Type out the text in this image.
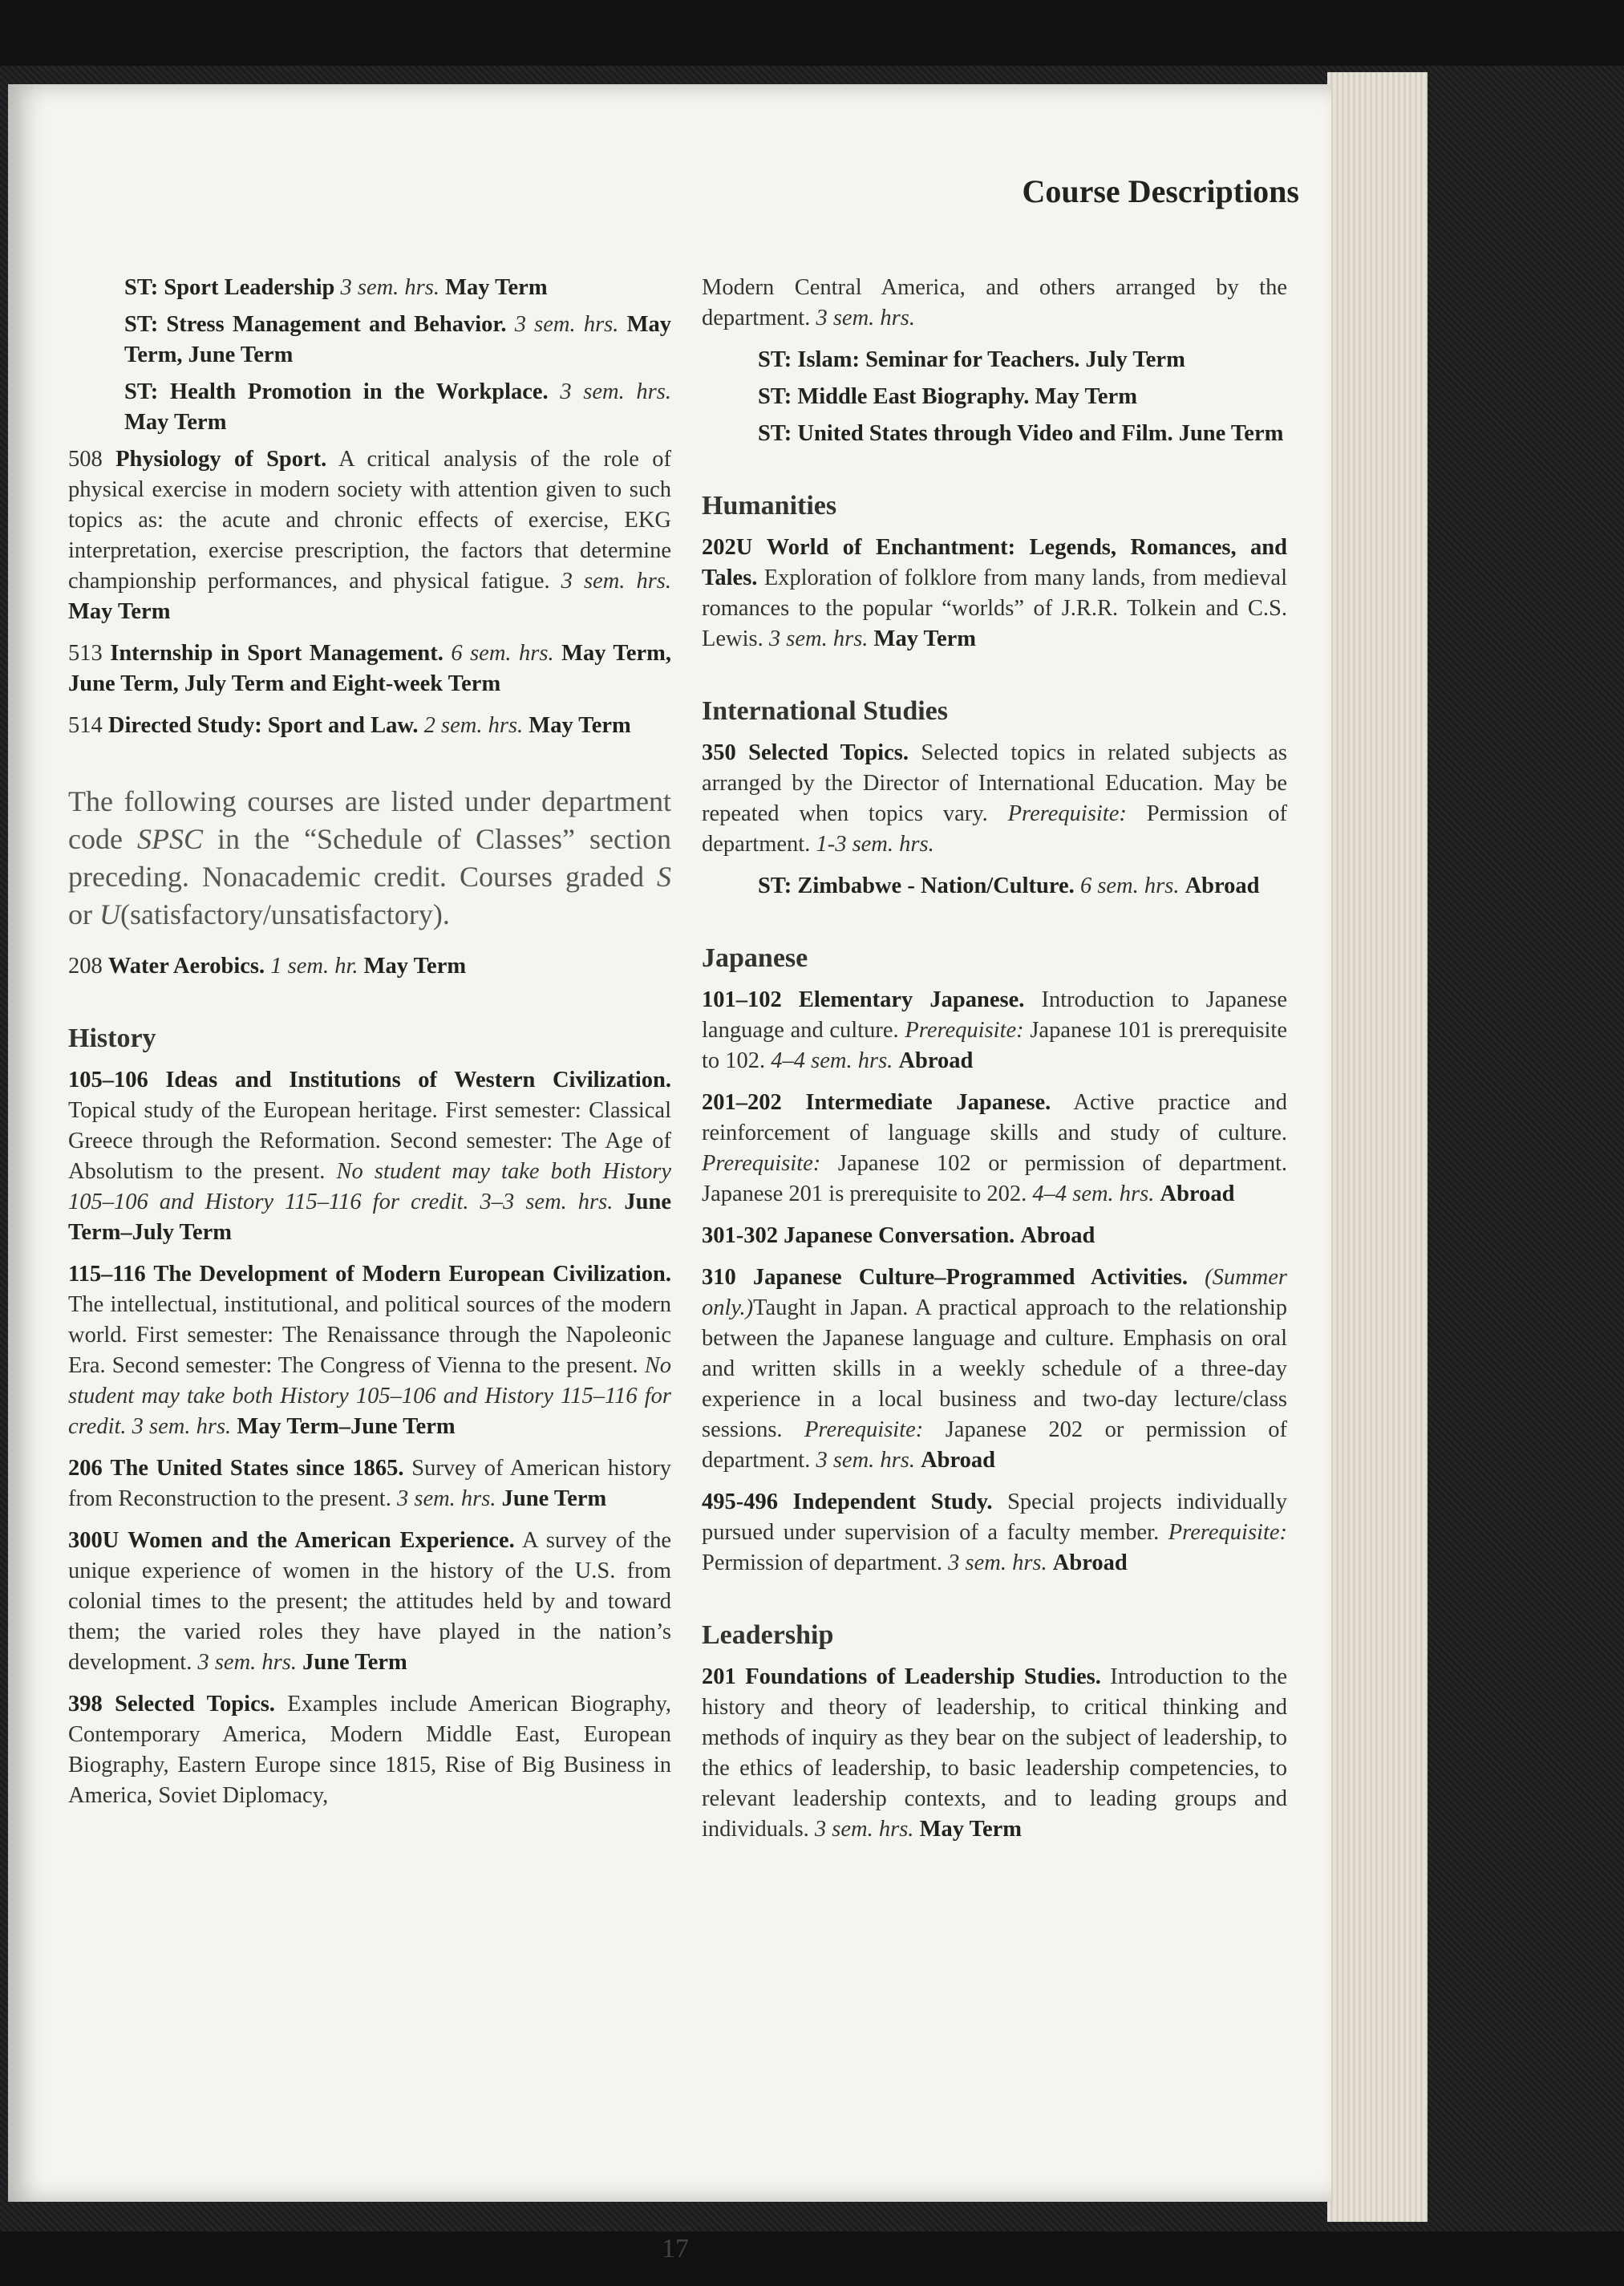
Course Descriptions

ST: Sport Leadership 3 sem. hrs. May Term

ST: Stress Management and Behavior. 3 sem. hrs. May Term, June Term

ST: Health Promotion in the Workplace. 3 sem. hrs. May Term

508 Physiology of Sport. A critical analysis of the role of physical exercise in modern society with attention given to such topics as: the acute and chronic effects of exercise, EKG interpretation, exercise prescription, the factors that determine championship performances, and physical fatigue. 3 sem. hrs. May Term

513 Internship in Sport Management. 6 sem. hrs. May Term, June Term, July Term and Eight-week Term

514 Directed Study: Sport and Law. 2 sem. hrs. May Term

The following courses are listed under department code SPSC in the “Schedule of Classes” section preceding. Nonacademic credit. Courses graded S or U(satisfactory/unsatisfactory).

208 Water Aerobics. 1 sem. hr. May Term

History

105–106 Ideas and Institutions of Western Civilization. Topical study of the European heritage. First semester: Classical Greece through the Reformation. Second semester: The Age of Absolutism to the present. No student may take both History 105–106 and History 115–116 for credit. 3–3 sem. hrs. June Term–July Term

115–116 The Development of Modern European Civilization. The intellectual, institutional, and political sources of the modern world. First semester: The Renaissance through the Napoleonic Era. Second semester: The Congress of Vienna to the present. No student may take both History 105–106 and History 115–116 for credit. 3 sem. hrs. May Term–June Term

206 The United States since 1865. Survey of American history from Reconstruction to the present. 3 sem. hrs. June Term

300U Women and the American Experience. A survey of the unique experience of women in the history of the U.S. from colonial times to the present; the attitudes held by and toward them; the varied roles they have played in the nation’s development. 3 sem. hrs. June Term

398 Selected Topics. Examples include American Biography, Contemporary America, Modern Middle East, European Biography, Eastern Europe since 1815, Rise of Big Business in America, Soviet Diplomacy,

Modern Central America, and others arranged by the department. 3 sem. hrs.

ST: Islam: Seminar for Teachers. July Term

ST: Middle East Biography. May Term

ST: United States through Video and Film. June Term

Humanities

202U World of Enchantment: Legends, Romances, and Tales. Exploration of folklore from many lands, from medieval romances to the popular “worlds” of J.R.R. Tolkein and C.S. Lewis. 3 sem. hrs. May Term

International Studies

350 Selected Topics. Selected topics in related subjects as arranged by the Director of International Education. May be repeated when topics vary. Prerequisite: Permission of department. 1-3 sem. hrs.

ST: Zimbabwe - Nation/Culture. 6 sem. hrs. Abroad

Japanese

101–102 Elementary Japanese. Introduction to Japanese language and culture. Prerequisite: Japanese 101 is prerequisite to 102. 4–4 sem. hrs. Abroad

201–202 Intermediate Japanese. Active practice and reinforcement of language skills and study of culture. Prerequisite: Japanese 102 or permission of department. Japanese 201 is prerequisite to 202. 4–4 sem. hrs. Abroad

301-302 Japanese Conversation. Abroad

310 Japanese Culture–Programmed Activities. (Summer only.)Taught in Japan. A practical approach to the relationship between the Japanese language and culture. Emphasis on oral and written skills in a weekly schedule of a three-day experience in a local business and two-day lecture/class sessions. Prerequisite: Japanese 202 or permission of department. 3 sem. hrs. Abroad

495-496 Independent Study. Special projects individually pursued under supervision of a faculty member. Prerequisite: Permission of department. 3 sem. hrs. Abroad

Leadership

201 Foundations of Leadership Studies. Introduction to the history and theory of leadership, to critical thinking and methods of inquiry as they bear on the subject of leadership, to the ethics of leadership, to basic leadership competencies, to relevant leadership contexts, and to leading groups and individuals. 3 sem. hrs. May Term

17
